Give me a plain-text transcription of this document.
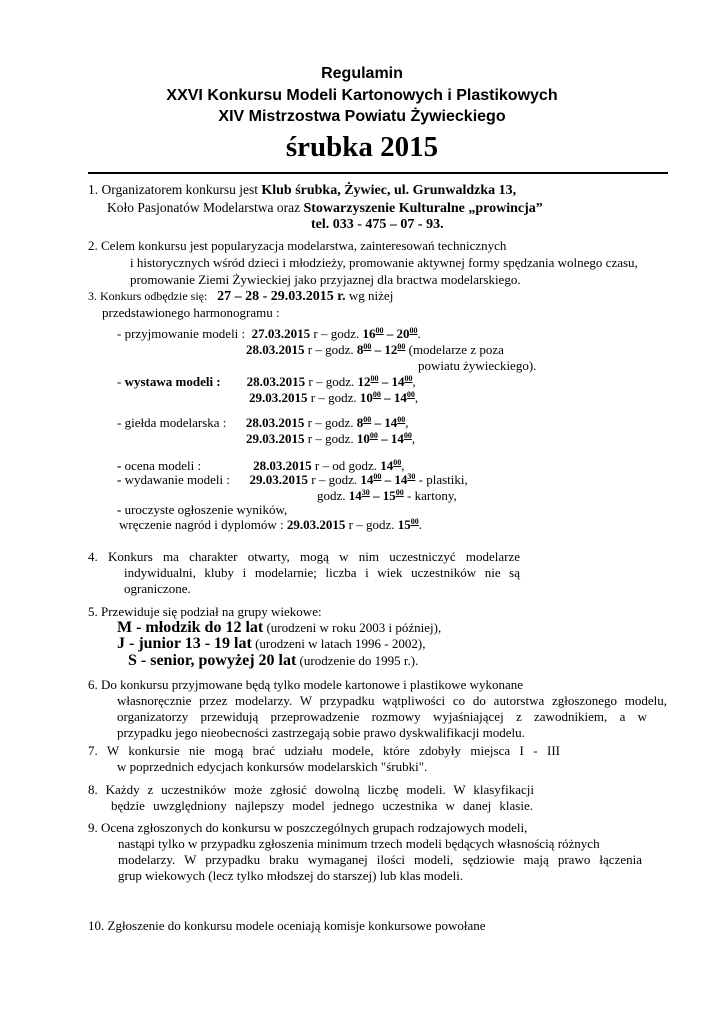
Regulamin
XXVI Konkursu Modeli Kartonowych i Plastikowych
XIV Mistrzostwa Powiatu Żywieckiego
śrubka 2015
1. Organizatorem konkursu jest Klub śrubka, Żywiec, ul. Grunwaldzka 13,
Koło Pasjonatów Modelarstwa oraz Stowarzyszenie Kulturalne „prowincja”
tel. 033 - 475 – 07 - 93.
2. Celem konkursu jest popularyzacja modelarstwa, zainteresowań technicznych
i historycznych wśród dzieci i młodzieży, promowanie aktywnej formy spędzania wolnego czasu,
promowanie Ziemi Żywieckiej jako przyjaznej dla bractwa modelarskiego.
3. Konkurs odbędzie się: 27 – 28 - 29.03.2015 r. wg niżej
przedstawionego harmonogramu :
- przyjmowanie modeli : 27.03.2015 r – godz. $16^{00} - 20^{00}$.
28.03.2015 r – godz. $8^{00} - 12^{00}$ (modelarze z poza
powiatu żywieckiego).
- wystawa modeli : 28.03.2015 r – godz. $12^{00} - 14^{00}$,
29.03.2015 r – godz. $10^{00} - 14^{00}$,
- giełda modelarska : 28.03.2015 r – godz. $8^{00} - 14^{00}$,
29.03.2015 r – godz. $10^{00} - 14^{00}$,
- ocena modeli :	28.03.2015 r – od godz. $14^{00}$,
- wydawanie modeli : 29.03.2015 r – godz. $14^{00} - 14^{30}$ - plastiki,
godz. $14^{30} - 15^{00}$ - kartony,
- uroczyste ogłoszenie wyników,
wręczenie nagród i dyplomów : 29.03.2015 r – godz. $15^{00}$.
4. Konkurs ma charakter otwarty, mogą w nim uczestniczyć modelarze
indywidualni, kluby i modelarnie; liczba i wiek uczestników nie są
ograniczone.
5. Przewiduje się podział na grupy wiekowe:
M - młodzik do 12 lat (urodzeni w roku 2003 i później),
J - junior 13 - 19 lat (urodzeni w latach 1996 - 2002),
S - senior, powyżej 20 lat (urodzenie do 1995 r.).
6. Do konkursu przyjmowane będą tylko modele kartonowe i plastikowe wykonane
własnoręcznie przez modelarzy. W przypadku wątpliwości co do autorstwa zgłoszonego modelu,
organizatorzy przewidują przeprowadzenie rozmowy wyjaśniającej z zawodnikiem, a w
przypadku jego nieobecności zastrzegają sobie prawo dyskwalifikacji modelu.
7. W konkursie nie mogą brać udziału modele, które zdobyły miejsca I - III
w poprzednich edycjach konkursów modelarskich "śrubki".
8. Każdy z uczestników może zgłosić dowolną liczbę modeli. W klasyfikacji
będzie uwzględniony najlepszy model jednego uczestnika w danej klasie.
9. Ocena zgłoszonych do konkursu w poszczególnych grupach rodzajowych modeli,
nastąpi tylko w przypadku zgłoszenia minimum trzech modeli będących własnością różnych
modelarzy. W przypadku braku wymaganej ilości modeli, sędziowie mają prawo łączenia
grup wiekowych (lecz tylko młodszej do starszej) lub klas modeli.
10. Zgłoszenie do konkursu modele oceniają komisje konkursowe powołane
